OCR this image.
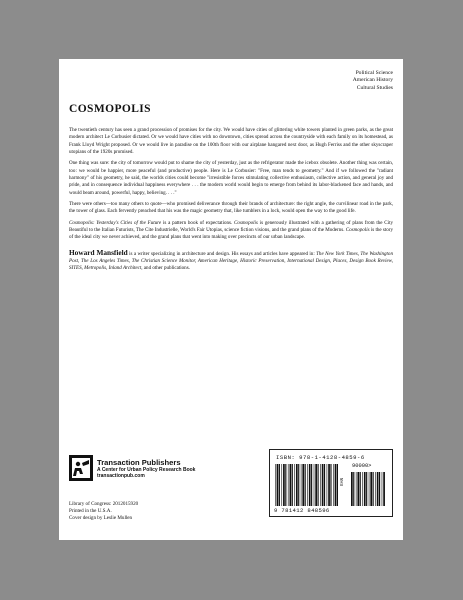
Political Science
American History
Cultural Studies
COSMOPOLIS

The twentieth century has seen a grand procession of promises for the city. We would have cities of glittering white towers planted in green parks, as the great modern architect Le Corbusier dictated. Or we would have cities with no downtown, cities spread across the countryside with each family on its homestead, as Frank Lloyd Wright proposed. Or we would live in paradise on the 100th floor with our airplane hangared next door, as Hugh Ferriss and the other skyscraper utopians of the 1920s promised.

One thing was sure: the city of tomorrow would put to shame the city of yesterday, just as the refrigerator made the icebox obsolete. Another thing was certain, too: we would be happier, more peaceful (and productive) people. Here is Le Corbusier: "Free, man tends to geometry." And if we followed the "radiant harmony" of his geometry, he said, the worlds cities could become "irresistible forces stimulating collective enthusiasm, collective action, and general joy and pride, and in consequence individual happiness everywhere . . . the modern world would begin to emerge from behind its labor-blackened face and hands, and would beam around, powerful, happy, believing. . . ."

There were others—too many others to quote—who promised deliverance through their brands of architecture: the right angle, the curvilinear road in the park, the tower of glass. Each fervently preached that his was the magic geometry that, like tumblers in a lock, would open the way to the good life.

Cosmopolis: Yesterday's Cities of the Future is a pattern book of expectations. Cosmopolis is generously illustrated with a gathering of plans from the City Beautiful to the Italian Futurists, The Cite Industrielle, World's Fair Utopias, science fiction visions, and the grand plans of the Moderns. Cosmopolis is the story of the ideal city we never achieved, and the grand plans that went into making over precincts of our urban landscape.

Howard Mansfield is a writer specializing in architecture and design. His essays and articles have appeared in: The New York Times, The Washington Post, The Los Angeles Times, The Christian Science Monitor, American Heritage, Historic Preservation, International Design, Places, Design Book Review, SITES, Metropolis, Inland Architect, and other publications.

Transaction Publishers
A Center for Urban Policy Research Book
transactionpub.com
Library of Congress: 2012015920
Printed in the U.S.A.
Cover design by Leslie Mullen
ISBN: 978-1-4128-4859-6
EAN
90000>
9 781412 848596
